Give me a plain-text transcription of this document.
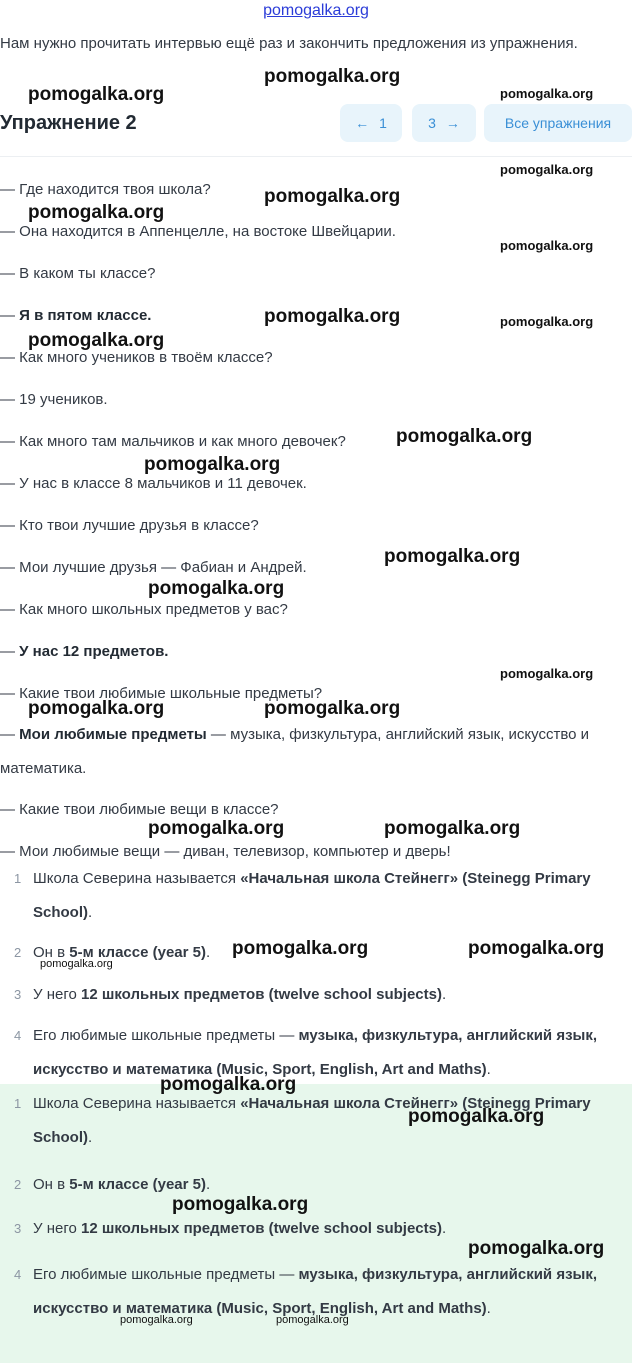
pomogalka.org
Нам нужно прочитать интервью ещё раз и закончить предложения из упражнения.
Упражнение 2	← 1	3 →	Все упражнения
— Где находится твоя школа?
— Она находится в Аппенцелле, на востоке Швейцарии.
— В каком ты классе?
— Я в пятом классе.
— Как много учеников в твоём классе?
— 19 учеников.
— Как много там мальчиков и как много девочек?
— У нас в классе 8 мальчиков и 11 девочек.
— Кто твои лучшие друзья в классе?
— Мои лучшие друзья — Фабиан и Андрей.
— Как много школьных предметов у вас?
— У нас 12 предметов.
— Какие твои любимые школьные предметы?
— Мои любимые предметы — музыка, физкультура, английский язык, искусство и математика.
— Какие твои любимые вещи в классе?
— Мои любимые вещи — диван, телевизор, компьютер и дверь!
1 Школа Северина называется «Начальная школа Стейнегг» (Steinegg Primary School).
2 Он в 5-м классе (year 5).
3 У него 12 школьных предметов (twelve school subjects).
4 Его любимые школьные предметы — музыка, физкультура, английский язык, искусство и математика (Music, Sport, English, Art and Maths).
1 Школа Северина называется «Начальная школа Стейнегг» (Steinegg Primary School).
2 Он в 5-м классе (year 5).
3 У него 12 школьных предметов (twelve school subjects).
4 Его любимые школьные предметы — музыка, физкультура, английский язык, искусство и математика (Music, Sport, English, Art and Maths).
pomogalka.org
pomogalka.org	pomogalka.org
pomogalka.org
pomogalka.org
pomogalka.org
pomogalka.org
pomogalka.org	pomogalka.org
pomogalka.org
pomogalka.org
pomogalka.org
pomogalka.org
pomogalka.org
pomogalka.org
pomogalka.org	pomogalka.org
pomogalka.org	pomogalka.org
pomogalka.org	pomogalka.org
pomogalka.org
pomogalka.org
pomogalka.org
pomogalka.org
pomogalka.org
pomogalka.org	pomogalka.org
